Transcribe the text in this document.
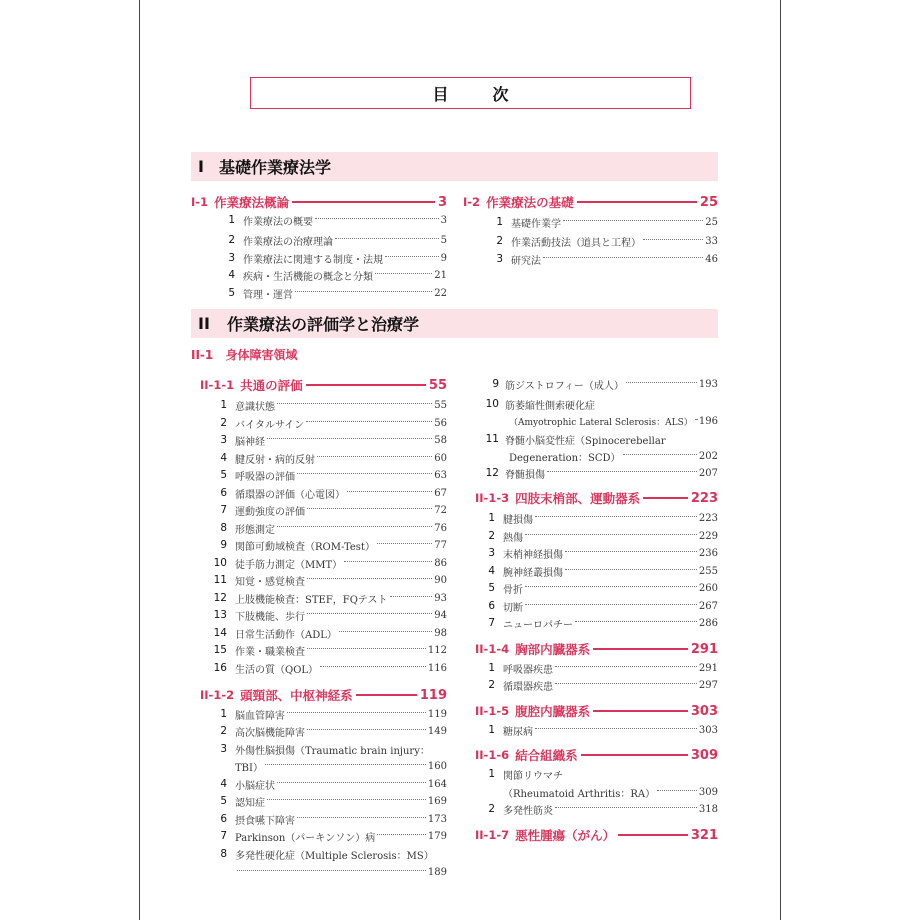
目　次
I 基礎作業療法学
I-1 作業療法概論	3
1 作業療法の概要	3
2 作業療法の治療理論	5
3 作業療法に関連する制度・法規	9
4 疾病・生活機能の概念と分類	21
5 管理・運営	22
I-2 作業療法の基礎	25
1 基礎作業学	25
2 作業活動技法（道具と工程）	33
3 研究法	46
II	作業療法の評価学と治療学
II-1 身体障害領域
II-1-1 共通の評価	55
1 意識状態	55
2 バイタルサイン	56
3 脳神経	58
4 腱反射・病的反射	60
5 呼吸器の評価	63
6 循環器の評価（心電図）	67
7 運動強度の評価	72
8 形態測定	76
9 関節可動域検査（ROM-Test）	77
10 徒手筋力測定（MMT）	86
11 知覚・感覚検査	90
12 上肢機能検査：STEF，FQテスト	93
13 下肢機能、歩行	94
14 日常生活動作（ADL）	98
15 作業・職業検査	112
16 生活の質（QOL）	116
II-1-2 頭頸部、中枢神経系	119
1 脳血管障害	119
2 高次脳機能障害	149
3 外傷性脳損傷（Traumatic brain injury：
TBI）	160
4 小脳症状	164
5 認知症	169
6 摂食嚥下障害	173
7 Parkinson（パーキンソン）病	179
8 多発性硬化症（Multiple Sclerosis：MS）
189
9 筋ジストロフィー（成人）	193
10 筋萎縮性側索硬化症
（Amyotrophic Lateral Sclerosis：ALS） 196
11 脊髄小脳変性症（Spinocerebellar
Degeneration：SCD）	202
12 脊髄損傷	207
II-1-3 四肢末梢部、運動器系	223
1 腱損傷	223
2 熱傷	229
3 末梢神経損傷	236
4 腕神経叢損傷	255
5 骨折	260
6 切断	267
7 ニューロパチー	286
II-1-4 胸部内臓器系	291
1 呼吸器疾患	291
2 循環器疾患	297
II-1-5 腹腔内臓器系	303
1 糖尿病	303
II-1-6 結合組織系	309
1 関節リウマチ
（Rheumatoid Arthritis：RA）	309
2 多発性筋炎	318
II-1-7 悪性腫瘍（がん）	321
